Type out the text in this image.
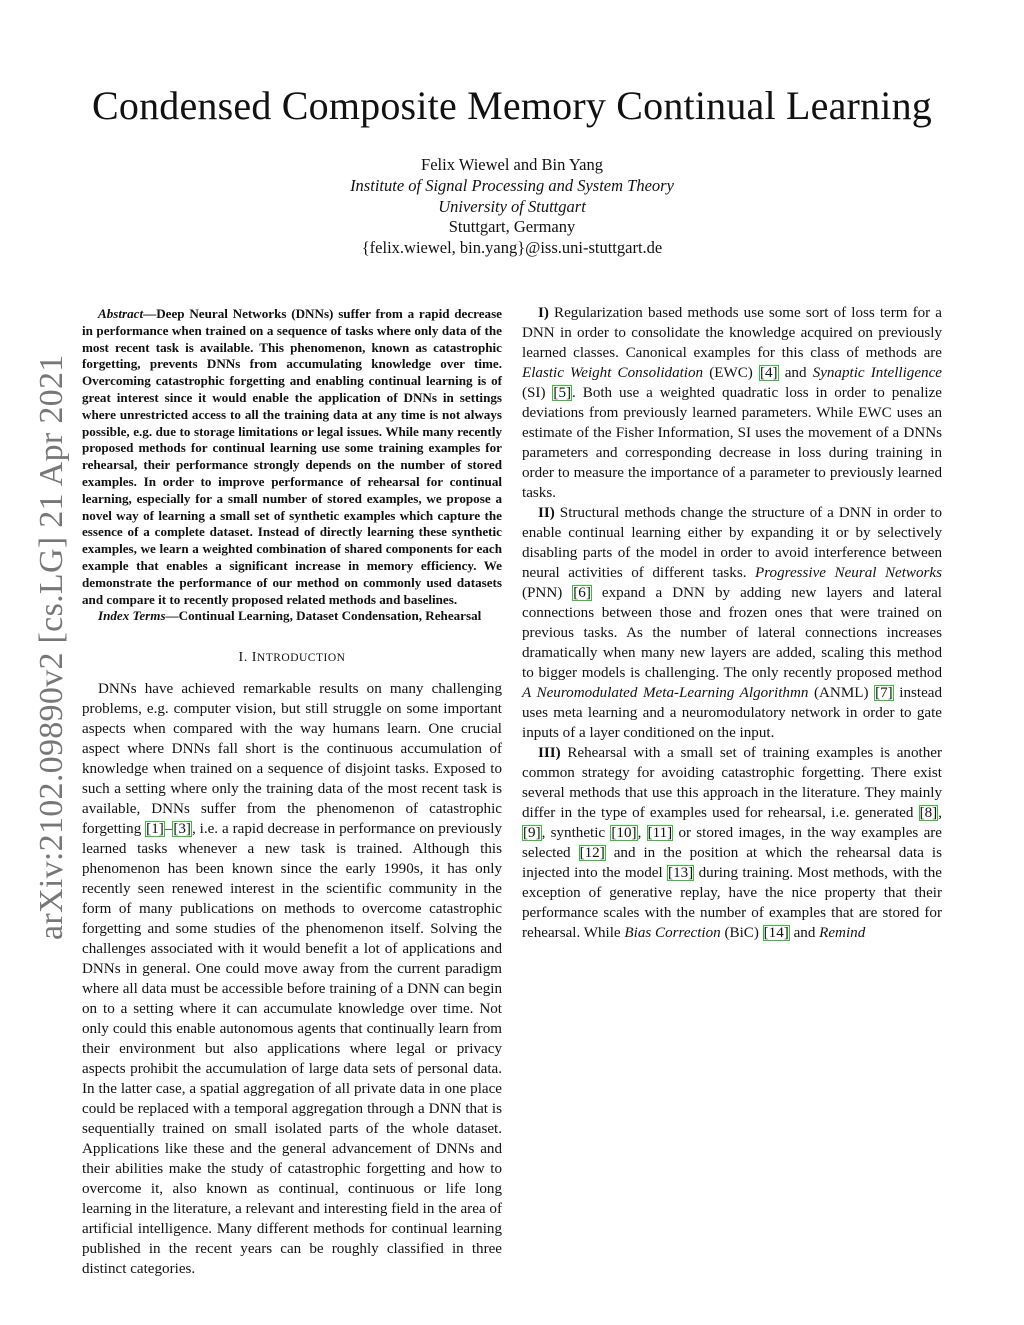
Condensed Composite Memory Continual Learning
Felix Wiewel and Bin Yang
Institute of Signal Processing and System Theory
University of Stuttgart
Stuttgart, Germany
{felix.wiewel, bin.yang}@iss.uni-stuttgart.de
arXiv:2102.09890v2 [cs.LG] 21 Apr 2021

Abstract—Deep Neural Networks (DNNs) suffer from a rapid decrease in performance when trained on a sequence of tasks where only data of the most recent task is available. This phenomenon, known as catastrophic forgetting, prevents DNNs from accumulating knowledge over time. Overcoming catastrophic forgetting and enabling continual learning is of great interest since it would enable the application of DNNs in settings where unrestricted access to all the training data at any time is not always possible, e.g. due to storage limitations or legal issues. While many recently proposed methods for continual learning use some training examples for rehearsal, their performance strongly depends on the number of stored examples. In order to improve performance of rehearsal for continual learning, especially for a small number of stored examples, we propose a novel way of learning a small set of synthetic examples which capture the essence of a complete dataset. Instead of directly learning these synthetic examples, we learn a weighted combination of shared components for each example that enables a significant increase in memory efficiency. We demonstrate the performance of our method on commonly used datasets and compare it to recently proposed related methods and baselines.

Index Terms—Continual Learning, Dataset Condensation, Rehearsal

I. INTRODUCTION

DNNs have achieved remarkable results on many challenging problems, e.g. computer vision, but still struggle on some important aspects when compared with the way humans learn. One crucial aspect where DNNs fall short is the continuous accumulation of knowledge when trained on a sequence of disjoint tasks. Exposed to such a setting where only the training data of the most recent task is available, DNNs suffer from the phenomenon of catastrophic forgetting [1]–[3], i.e. a rapid decrease in performance on previously learned tasks whenever a new task is trained. Although this phenomenon has been known since the early 1990s, it has only recently seen renewed interest in the scientific community in the form of many publications on methods to overcome catastrophic forgetting and some studies of the phenomenon itself. Solving the challenges associated with it would benefit a lot of applications and DNNs in general. One could move away from the current paradigm where all data must be accessible before training of a DNN can begin on to a setting where it can accumulate knowledge over time. Not only could this enable autonomous agents that continually learn from their environment but also applications where legal or privacy aspects prohibit the accumulation of large data sets of personal data. In the latter case, a spatial aggregation of all private data in one place could be replaced with a temporal aggregation through a DNN that is sequentially trained on small isolated parts of the whole dataset. Applications like these and the general advancement of DNNs and their abilities make the study of catastrophic forgetting and how to overcome it, also known as continual, continuous or life long learning in the literature, a relevant and interesting field in the area of artificial intelligence. Many different methods for continual learning published in the recent years can be roughly classified in three distinct categories.

I) Regularization based methods use some sort of loss term for a DNN in order to consolidate the knowledge acquired on previously learned classes. Canonical examples for this class of methods are Elastic Weight Consolidation (EWC) [4] and Synaptic Intelligence (SI) [5]. Both use a weighted quadratic loss in order to penalize deviations from previously learned parameters. While EWC uses an estimate of the Fisher Information, SI uses the movement of a DNNs parameters and corresponding decrease in loss during training in order to measure the importance of a parameter to previously learned tasks.

II) Structural methods change the structure of a DNN in order to enable continual learning either by expanding it or by selectively disabling parts of the model in order to avoid interference between neural activities of different tasks. Progressive Neural Networks (PNN) [6] expand a DNN by adding new layers and lateral connections between those and frozen ones that were trained on previous tasks. As the number of lateral connections increases dramatically when many new layers are added, scaling this method to bigger models is challenging. The only recently proposed method A Neuromodulated Meta-Learning Algorithmn (ANML) [7] instead uses meta learning and a neuromodulatory network in order to gate inputs of a layer conditioned on the input.

III) Rehearsal with a small set of training examples is another common strategy for avoiding catastrophic forgetting. There exist several methods that use this approach in the literature. They mainly differ in the type of examples used for rehearsal, i.e. generated [8], [9], synthetic [10], [11] or stored images, in the way examples are selected [12] and in the position at which the rehearsal data is injected into the model [13] during training. Most methods, with the exception of generative replay, have the nice property that their performance scales with the number of examples that are stored for rehearsal. While Bias Correction (BiC) [14] and Remind
